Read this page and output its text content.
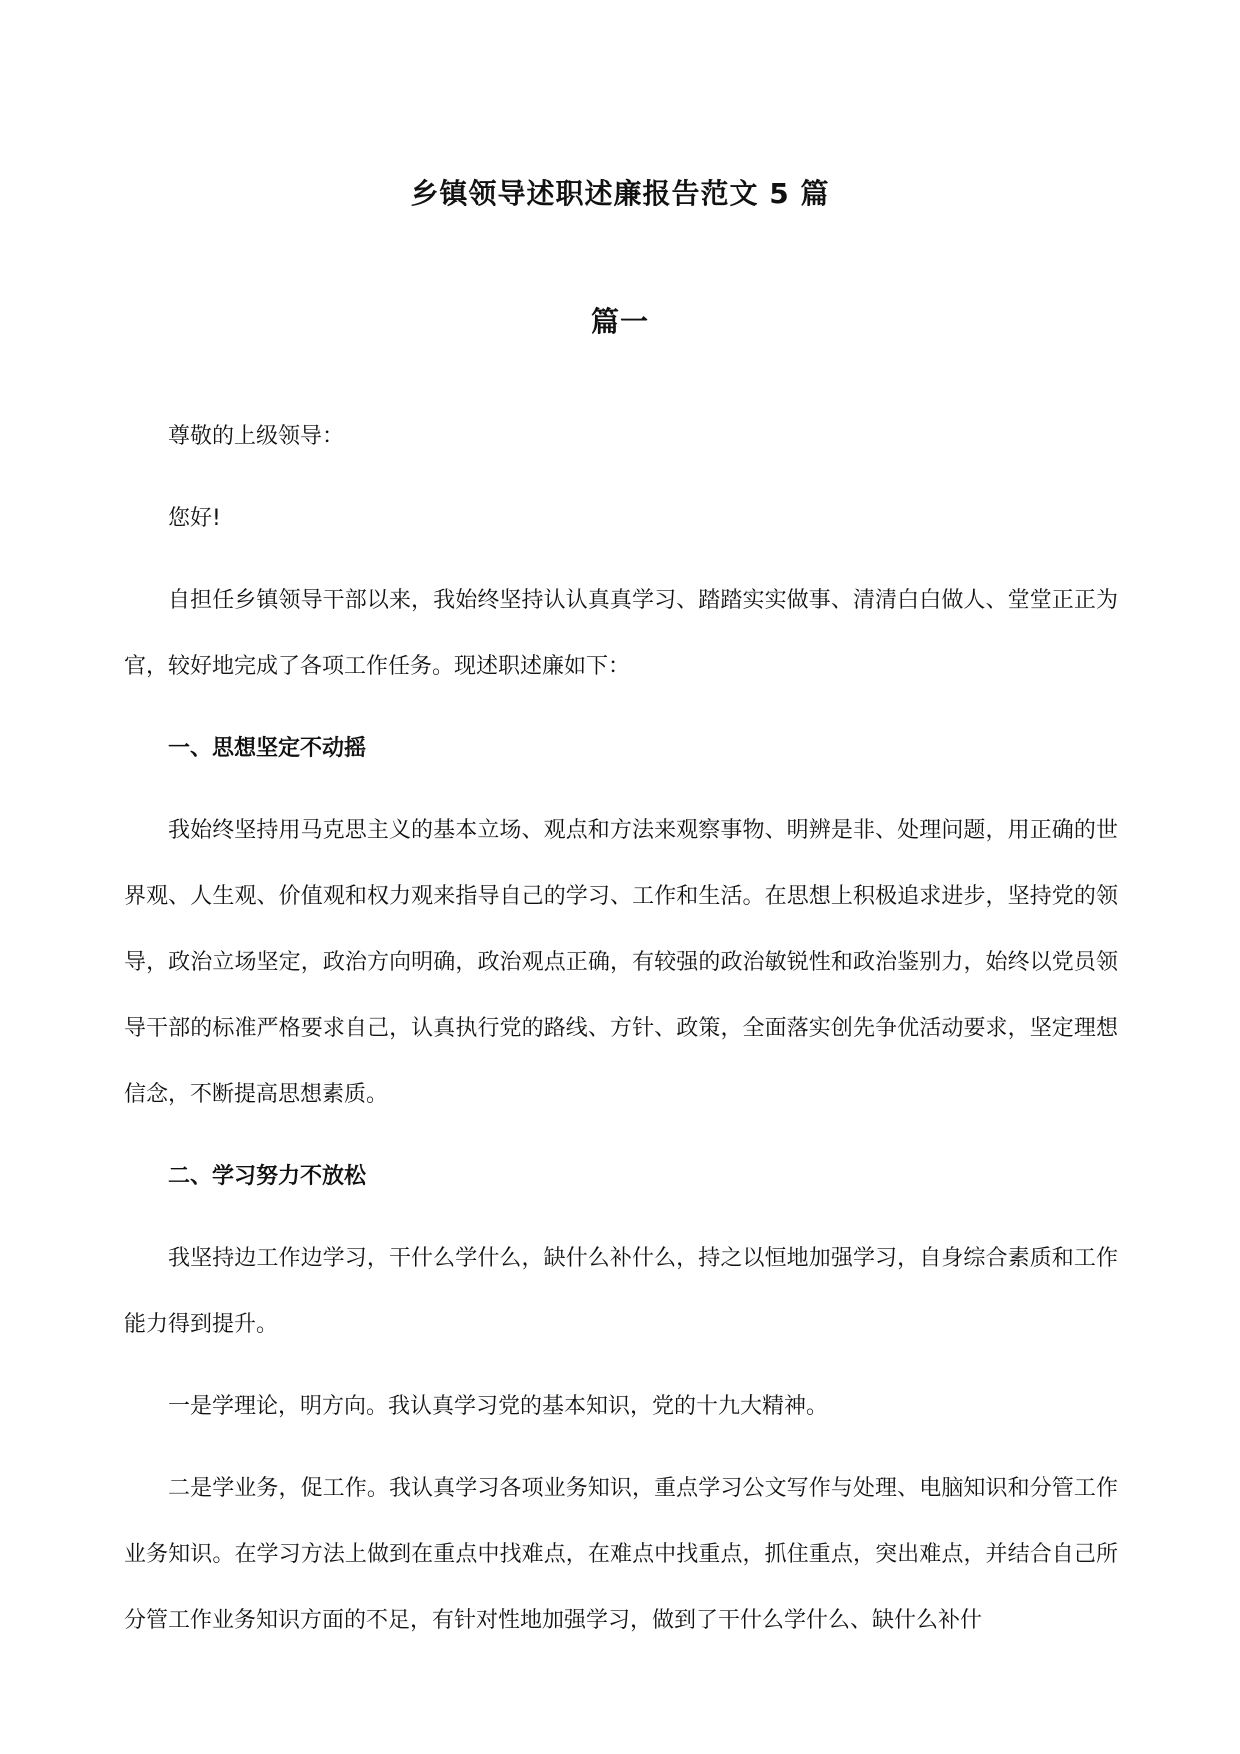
乡镇领导述职述廉报告范文 5 篇
篇一

尊敬的上级领导：

您好!

自担任乡镇领导干部以来，我始终坚持认认真真学习、踏踏实实做事、清清白白做人、堂堂正正为官，较好地完成了各项工作任务。现述职述廉如下：

一、思想坚定不动摇

我始终坚持用马克思主义的基本立场、观点和方法来观察事物、明辨是非、处理问题，用正确的世界观、人生观、价值观和权力观来指导自己的学习、工作和生活。在思想上积极追求进步，坚持党的领导，政治立场坚定，政治方向明确，政治观点正确，有较强的政治敏锐性和政治鉴别力，始终以党员领导干部的标准严格要求自己，认真执行党的路线、方针、政策，全面落实创先争优活动要求，坚定理想信念，不断提高思想素质。

二、学习努力不放松

我坚持边工作边学习，干什么学什么，缺什么补什么，持之以恒地加强学习，自身综合素质和工作能力得到提升。

一是学理论，明方向。我认真学习党的基本知识，党的十九大精神。

二是学业务，促工作。我认真学习各项业务知识，重点学习公文写作与处理、电脑知识和分管工作业务知识。在学习方法上做到在重点中找难点，在难点中找重点，抓住重点，突出难点，并结合自己所分管工作业务知识方面的不足，有针对性地加强学习，做到了干什么学什么、缺什么补什
